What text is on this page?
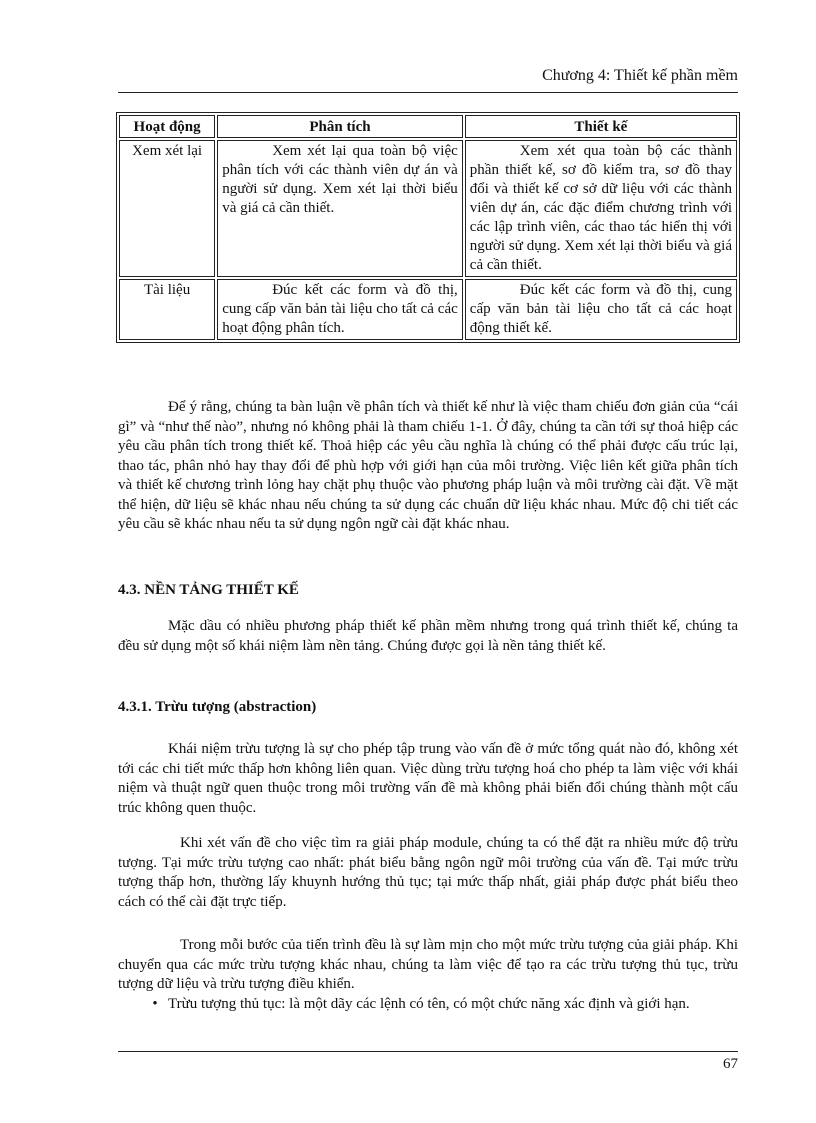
Chương 4: Thiết kế phần mềm
Hoạt động	Phân tích	Thiết kế
Xem xét lại	Xem xét lại qua toàn bộ việc phân tích với các thành viên dự án và người sử dụng. Xem xét lại thời biểu và giá cả cần thiết.	Xem xét qua toàn bộ các thành phần thiết kế, sơ đồ kiểm tra, sơ đồ thay đổi và thiết kế cơ sở dữ liệu với các thành viên dự án, các đặc điểm chương trình với các lập trình viên, các thao tác hiển thị với người sử dụng. Xem xét lại thời biểu và giá cả cần thiết.
Tài liệu	Đúc kết các form và đồ thị, cung cấp văn bản tài liệu cho tất cả các hoạt động phân tích.	Đúc kết các form và đồ thị, cung cấp văn bản tài liệu cho tất cả các hoạt động thiết kế.

Để ý rằng, chúng ta bàn luận về phân tích và thiết kế như là việc tham chiếu đơn giản của “cái gì” và “như thế nào”, nhưng nó không phải là tham chiếu 1-1. Ở đây, chúng ta cần tới sự thoả hiệp các yêu cầu phân tích trong thiết kế. Thoả hiệp các yêu cầu nghĩa là chúng có thể phải được cấu trúc lại, thao tác, phân nhỏ hay thay đổi để phù hợp với giới hạn của môi trường. Việc liên kết giữa phân tích và thiết kế chương trình lỏng hay chặt phụ thuộc vào phương pháp luận và môi trường cài đặt. Về mặt thể hiện, dữ liệu sẽ khác nhau nếu chúng ta sử dụng các chuẩn dữ liệu khác nhau. Mức độ chi tiết các yêu cầu sẽ khác nhau nếu ta sử dụng ngôn ngữ cài đặt khác nhau.

4.3. NỀN TẢNG THIẾT KẾ

Mặc dầu có nhiều phương pháp thiết kế phần mềm nhưng trong quá trình thiết kế, chúng ta đều sử dụng một số khái niệm làm nền tảng. Chúng được gọi là nền tảng thiết kế.

4.3.1. Trừu tượng (abstraction)

Khái niệm trừu tượng là sự cho phép tập trung vào vấn đề ở mức tổng quát nào đó, không xét tới các chi tiết mức thấp hơn không liên quan. Việc dùng trừu tượng hoá cho phép ta làm việc với khái niệm và thuật ngữ quen thuộc trong môi trường vấn đề mà không phải biến đổi chúng thành một cấu trúc không quen thuộc.

Khi xét vấn đề cho việc tìm ra giải pháp module, chúng ta có thể đặt ra nhiều mức độ trừu tượng. Tại mức trừu tượng cao nhất: phát biểu bằng ngôn ngữ môi trường của vấn đề. Tại mức trừu tượng thấp hơn, thường lấy khuynh hướng thủ tục; tại mức thấp nhất, giải pháp được phát biểu theo cách có thể cài đặt trực tiếp.

Trong mỗi bước của tiến trình đều là sự làm mịn cho một mức trừu tượng của giải pháp. Khi chuyển qua các mức trừu tượng khác nhau, chúng ta làm việc để tạo ra các trừu tượng thủ tục, trừu tượng dữ liệu và trừu tượng điều khiển.

• Trừu tượng thủ tục: là một dãy các lệnh có tên, có một chức năng xác định và giới hạn.
67
